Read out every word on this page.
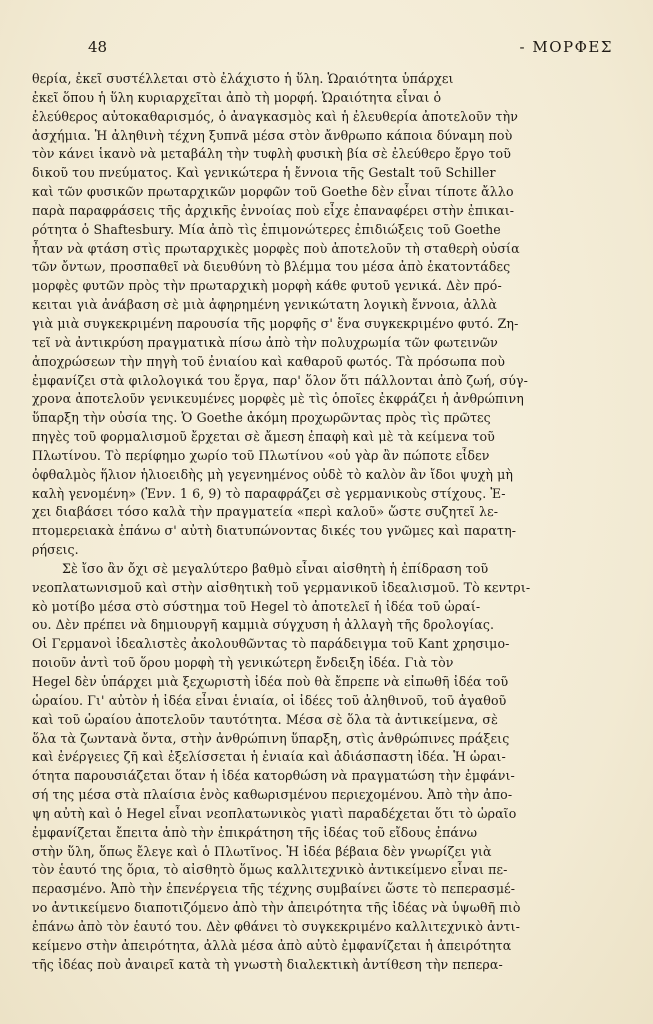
48	- ΜΟΡΦΕΣ

θερία, ἐκεῖ συστέλλεται στὸ ἐλάχιστο ἡ ὕλη. Ὡραιότητα ὑπάρχει
ἐκεῖ ὅπου ἡ ὕλη κυριαρχεῖται ἀπὸ τὴ μορφή. Ὡραιότητα εἶναι ὁ
ἐλεύθερος αὐτοκαθαρισμός, ὁ ἀναγκασμὸς καὶ ἡ ἐλευθερία ἀποτελοῦν τὴν
ἀσχήμια. Ἡ ἀληθινὴ τέχνη ξυπνᾶ μέσα στὸν ἄνθρωπο κάποια δύναμη ποὺ
τὸν κάνει ἱκανὸ νὰ μεταβάλη τὴν τυφλὴ φυσικὴ βία σὲ ἐλεύθερο ἔργο τοῦ
δικοῦ του πνεύματος. Καὶ γενικώτερα ἡ ἔννοια τῆς Gestalt τοῦ Schiller
καὶ τῶν φυσικῶν πρωταρχικῶν μορφῶν τοῦ Goethe δὲν εἶναι τίποτε ἄλλο
παρὰ παραφράσεις τῆς ἀρχικῆς ἐννοίας ποὺ εἶχε ἐπαναφέρει στὴν ἐπικαι-
ρότητα ὁ Shaftesbury. Μία ἀπὸ τὶς ἐπιμονώτερες ἐπιδιώξεις τοῦ Goethe
ἦταν νὰ φτάση στὶς πρωταρχικὲς μορφὲς ποὺ ἀποτελοῦν τὴ σταθερὴ οὐσία
τῶν ὄντων, προσπαθεῖ νὰ διευθύνη τὸ βλέμμα του μέσα ἀπὸ ἑκατοντάδες
μορφὲς φυτῶν πρὸς τὴν πρωταρχικὴ μορφὴ κάθε φυτοῦ γενικά. Δὲν πρό-
κειται γιὰ ἀνάβαση σὲ μιὰ ἀφηρημένη γενικώτατη λογικὴ ἔννοια, ἀλλὰ
γιὰ μιὰ συγκεκριμένη παρουσία τῆς μορφῆς σ' ἕνα συγκεκριμένο φυτό. Ζη-
τεῖ νὰ ἀντικρύση πραγματικὰ πίσω ἀπὸ τὴν πολυχρωμία τῶν φωτεινῶν
ἀποχρώσεων τὴν πηγὴ τοῦ ἐνιαίου καὶ καθαροῦ φωτός. Τὰ πρόσωπα ποὺ
ἐμφανίζει στὰ φιλολογικά του ἔργα, παρ' ὅλον ὅτι πάλλονται ἀπὸ ζωή, σύγ-
χρονα ἀποτελοῦν γενικευμένες μορφὲς μὲ τὶς ὁποῖες ἐκφράζει ἡ ἀνθρώπινη
ὕπαρξη τὴν οὐσία της. Ὁ Goethe ἀκόμη προχωρῶντας πρὸς τὶς πρῶτες
πηγὲς τοῦ φορμαλισμοῦ ἔρχεται σὲ ἄμεση ἐπαφὴ καὶ μὲ τὰ κείμενα τοῦ
Πλωτίνου. Τὸ περίφημο χωρίο τοῦ Πλωτίνου «οὐ γὰρ ἂν πώποτε εἶδεν
ὀφθαλμὸς ἥλιον ἡλιοειδὴς μὴ γεγενημένος οὐδὲ τὸ καλὸν ἂν ἴδοι ψυχὴ μὴ
καλὴ γενομένη» (Ἐνν. 1 6, 9) τὸ παραφράζει σὲ γερμανικοὺς στίχους. Ἐ-
χει διαβάσει τόσο καλὰ τὴν πραγματεία «περὶ καλοῦ» ὥστε συζητεῖ λε-
πτομερειακὰ ἐπάνω σ' αὐτὴ διατυπώνοντας δικές του γνῶμες καὶ παρατη-
ρήσεις.

Σὲ ἴσο ἂν ὄχι σὲ μεγαλύτερο βαθμὸ εἶναι αἰσθητὴ ἡ ἐπίδραση τοῦ
νεοπλατωνισμοῦ καὶ στὴν αἰσθητικὴ τοῦ γερμανικοῦ ἰδεαλισμοῦ. Τὸ κεντρι-
κὸ μοτίβο μέσα στὸ σύστημα τοῦ Hegel τὸ ἀποτελεῖ ἡ ἰδέα τοῦ ὡραί-
ου. Δὲν πρέπει νὰ δημιουργῆ καμμιὰ σύγχυση ἡ ἀλλαγὴ τῆς δρολογίας.
Οἱ Γερμανοὶ ἰδεαλιστὲς ἀκολουθῶντας τὸ παράδειγμα τοῦ Kant χρησιμο-
ποιοῦν ἀντὶ τοῦ ὅρου μορφὴ τὴ γενικώτερη ἔνδειξη ἰδέα. Γιὰ τὸν
Hegel δὲν ὑπάρχει μιὰ ξεχωριστὴ ἰδέα ποὺ θὰ ἔπρεπε νὰ εἰπωθῆ ἰδέα τοῦ
ὡραίου. Γι' αὐτὸν ἡ ἰδέα εἶναι ἑνιαία, οἱ ἰδέες τοῦ ἀληθινοῦ, τοῦ ἀγαθοῦ
καὶ τοῦ ὡραίου ἀποτελοῦν ταυτότητα. Μέσα σὲ ὅλα τὰ ἀντικείμενα, σὲ
ὅλα τὰ ζωντανὰ ὄντα, στὴν ἀνθρώπινη ὕπαρξη, στὶς ἀνθρώπινες πράξεις
καὶ ἐνέργειες ζῆ καὶ ἐξελίσσεται ἡ ἑνιαία καὶ ἀδιάσπαστη ἰδέα. Ἡ ὡραι-
ότητα παρουσιάζεται ὅταν ἡ ἰδέα κατορθώση νὰ πραγματώση τὴν ἐμφάνι-
σή της μέσα στὰ πλαίσια ἑνὸς καθωρισμένου περιεχομένου. Ἀπὸ τὴν ἀπο-
ψη αὐτὴ καὶ ὁ Hegel εἶναι νεοπλατωνικὸς γιατὶ παραδέχεται ὅτι τὸ ὡραῖο
ἐμφανίζεται ἔπειτα ἀπὸ τὴν ἐπικράτηση τῆς ἰδέας τοῦ εἴδους ἐπάνω
στὴν ὕλη, ὅπως ἔλεγε καὶ ὁ Πλωτῖνος. Ἡ ἰδέα βέβαια δὲν γνωρίζει γιὰ
τὸν ἑαυτό της ὅρια, τὸ αἰσθητὸ ὅμως καλλιτεχνικὸ ἀντικείμενο εἶναι πε-
περασμένο. Ἀπὸ τὴν ἐπενέργεια τῆς τέχνης συμβαίνει ὥστε τὸ πεπερασμέ-
νο ἀντικείμενο διαποτιζόμενο ἀπὸ τὴν ἀπειρότητα τῆς ἰδέας νὰ ὑψωθῆ πιὸ
ἐπάνω ἀπὸ τὸν ἑαυτό του. Δὲν φθάνει τὸ συγκεκριμένο καλλιτεχνικὸ ἀντι-
κείμενο στὴν ἀπειρότητα, ἀλλὰ μέσα ἀπὸ αὐτὸ ἐμφανίζεται ἡ ἀπειρότητα
τῆς ἰδέας ποὺ ἀναιρεῖ κατὰ τὴ γνωστὴ διαλεκτικὴ ἀντίθεση τὴν πεπερα-
